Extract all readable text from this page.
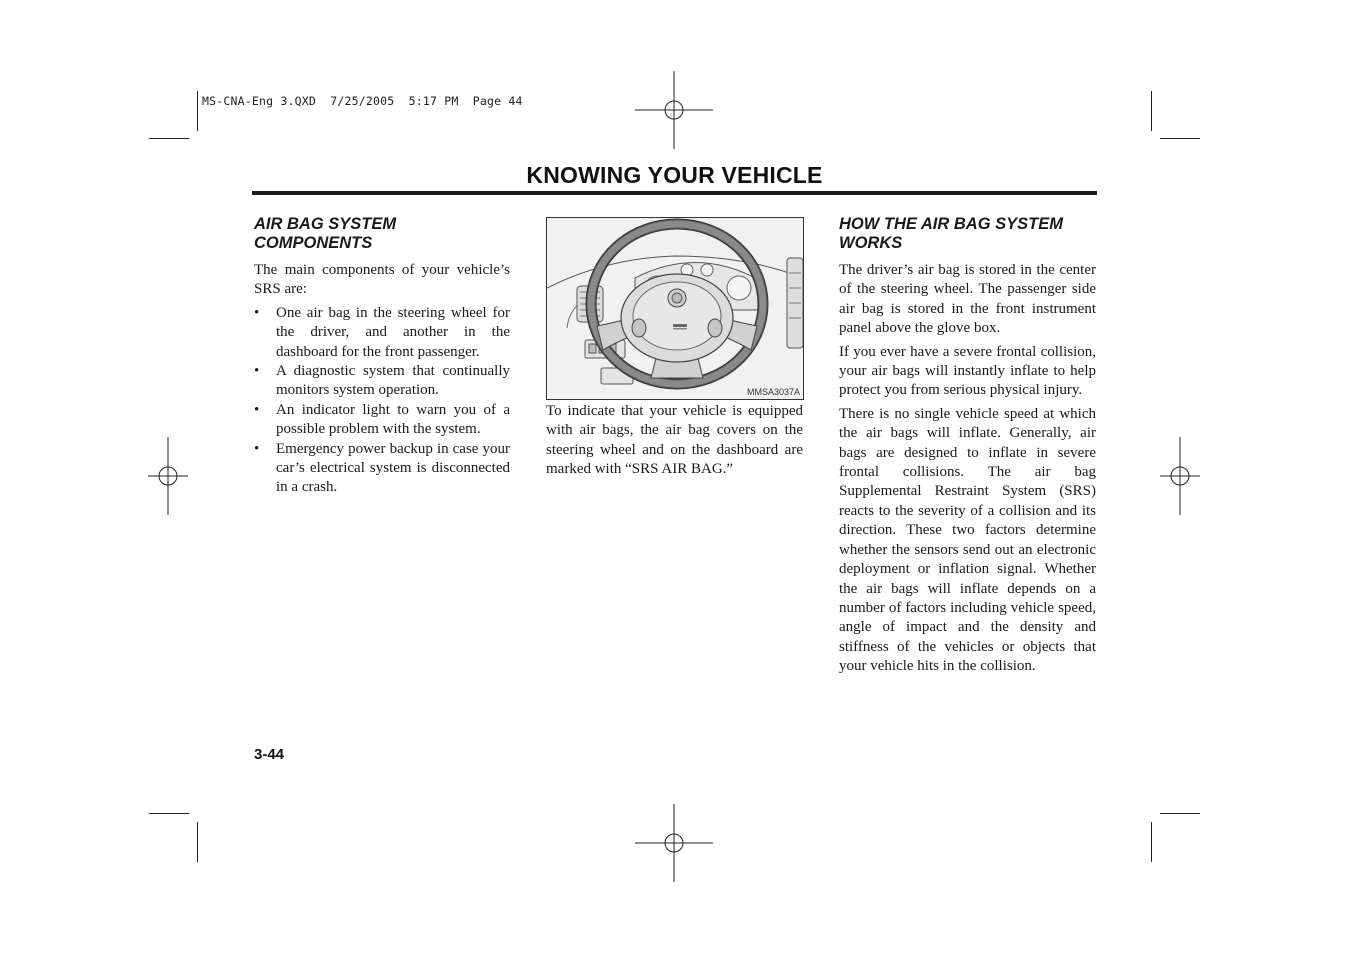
MS-CNA-Eng 3.QXD  7/25/2005  5:17 PM  Page 44
KNOWING YOUR VEHICLE
AIR BAG SYSTEM
COMPONENTS

The main components of your vehicle’s SRS are:

• One air bag in the steering wheel for the driver, and another in the dashboard for the front passenger.
• A diagnostic system that continually monitors system operation.
• An indicator light to warn you of a possible problem with the system.
• Emergency power backup in case your car’s electrical system is disconnected in a crash.
MMSA3037A

To indicate that your vehicle is equipped with air bags, the air bag covers on the steering wheel and on the dashboard are marked with “SRS AIR BAG.”

HOW THE AIR BAG SYSTEM
WORKS

The driver’s air bag is stored in the center of the steering wheel. The passenger side air bag is stored in the front instrument panel above the glove box.

If you ever have a severe frontal collision, your air bags will instantly inflate to help protect you from serious physical injury.

There is no single vehicle speed at which the air bags will inflate. Generally, air bags are designed to inflate in severe frontal collisions. The air bag Supplemental Restraint System (SRS) reacts to the severity of a collision and its direction. These two factors determine whether the sensors send out an electronic deployment or inflation signal. Whether the air bags will inflate depends on a number of factors including vehicle speed, angle of impact and the density and stiffness of the vehicles or objects that your vehicle hits in the collision.

3-44
